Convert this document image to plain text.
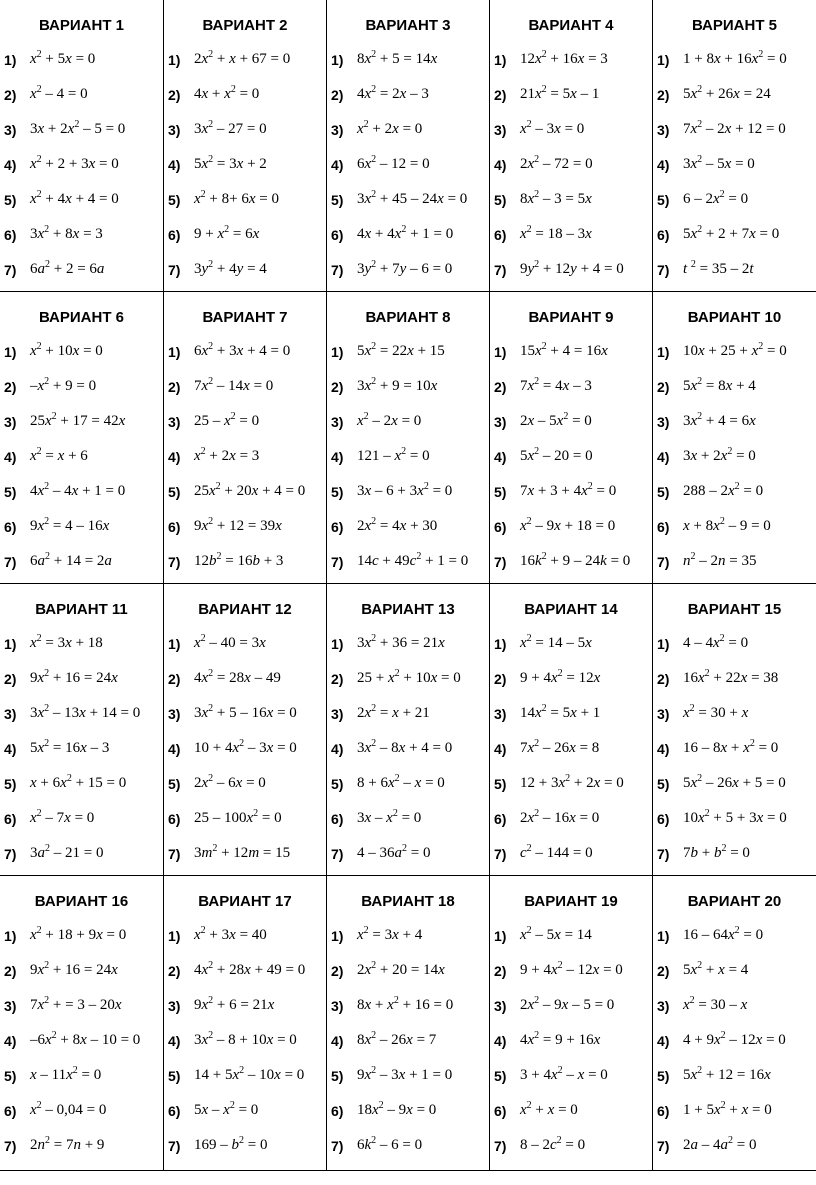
ВАРИАНТ 1
1) $x^2 + 5x = 0$
2) $x^2 - 4 = 0$
3) $3x + 2x^2 - 5 = 0$
4) $x^2 + 2 + 3x = 0$
5) $x^2 + 4x + 4 = 0$
6) $3x^2 + 8x = 3$
7) $6a^2 + 2 = 6a$
ВАРИАНТ 2
1) $2x^2 + x + 67 = 0$
2) $4x + x^2 = 0$
3) $3x^2 - 27 = 0$
4) $5x^2 = 3x + 2$
5) $x^2 + 8+ 6x = 0$
6) $9 + x^2 = 6x$
7) $3y^2 + 4y = 4$
ВАРИАНТ 3
1) $8x^2 + 5 = 14x$
2) $4x^2 = 2x - 3$
3) $x^2 + 2x = 0$
4) $6x^2 - 12 = 0$
5) $3x^2 + 45 - 24x = 0$
6) $4x + 4x^2 + 1 = 0$
7) $3y^2 + 7y - 6 = 0$
ВАРИАНТ 4
1) $12x^2 + 16x = 3$
2) $21x^2 = 5x - 1$
3) $x^2 - 3x = 0$
4) $2x^2 - 72 = 0$
5) $8x^2 - 3 = 5x$
6) $x^2 = 18 - 3x$
7) $9y^2 + 12y + 4 = 0$
ВАРИАНТ 5
1) $1 + 8x + 16x^2 = 0$
2) $5x^2 + 26x = 24$
3) $7x^2 - 2x + 12 = 0$
4) $3x^2 - 5x = 0$
5) $6 - 2x^2 = 0$
6) $5x^2 + 2 + 7x = 0$
7) t $^2$ = 35 – 2t
ВАРИАНТ 6
1) $x^2 + 10x = 0$
2) $-x^2 + 9 = 0$
3) $25x^2 + 17 = 42x$
4) $x^2 = x + 6$
5) $4x^2 - 4x + 1 = 0$
6) $9x^2 = 4 - 16x$
7) $6a^2 + 14 = 2a$
ВАРИАНТ 7
1) $6x^2 + 3x + 4 = 0$
2) $7x^2 - 14x = 0$
3) $25 - x^2 = 0$
4) $x^2 + 2x = 3$
5) $25x^2 + 20x + 4 = 0$
6) $9x^2 + 12 = 39x$
7) $12b^2 = 16b + 3$
ВАРИАНТ 8
1) $5x^2 = 22x + 15$
2) $3x^2 + 9 = 10x$
3) $x^2 - 2x = 0$
4) $121 - x^2 = 0$
5) $3x - 6 + 3x^2 = 0$
6) $2x^2 = 4x + 30$
7) $14c + 49c^2 + 1 = 0$
ВАРИАНТ 9
1) $15x^2 + 4 = 16x$
2) $7x^2 = 4x - 3$
3) $2x - 5x^2 = 0$
4) $5x^2 - 20 = 0$
5) $7x + 3 + 4x^2 = 0$
6) $x^2 - 9x + 18 = 0$
7) $16k^2 + 9 - 24k = 0$
ВАРИАНТ 10
1) $10x + 25 + x^2 = 0$
2) $5x^2 = 8x + 4$
3) $3x^2 + 4 = 6x$
4) $3x + 2x^2 = 0$
5) $288 - 2x^2 = 0$
6) $x + 8x^2 - 9 = 0$
7) $n^2 - 2n = 35$
ВАРИАНТ 11
1) $x^2 = 3x + 18$
2) $9x^2 + 16 = 24x$
3) $3x^2 - 13x + 14 = 0$
4) $5x^2 = 16x - 3$
5) $x + 6x^2 + 15 = 0$
6) $x^2 - 7x = 0$
7) $3a^2 - 21 = 0$
ВАРИАНТ 12
1) $x^2 - 40 = 3x$
2) $4x^2 = 28x - 49$
3) $3x^2 + 5 - 16x = 0$
4) $10 + 4x^2 - 3x = 0$
5) $2x^2 - 6x = 0$
6) $25 - 100x^2 = 0$
7) $3m^2 + 12m = 15$
ВАРИАНТ 13
1) $3x^2 + 36 = 21x$
2) $25 + x^2 + 10x = 0$
3) $2x^2 = x + 21$
4) $3x^2 - 8x + 4 = 0$
5) $8 + 6x^2 - x = 0$
6) $3x - x^2 = 0$
7) $4 - 36a^2 = 0$
ВАРИАНТ 14
1) $x^2 = 14 - 5x$
2) $9 + 4x^2 = 12x$
3) $14x^2 = 5x + 1$
4) $7x^2 - 26x = 8$
5) $12 + 3x^2 + 2x = 0$
6) $2x^2 - 16x = 0$
7) $c^2 - 144 = 0$
ВАРИАНТ 15
1) $4 - 4x^2 = 0$
2) $16x^2 + 22x = 38$
3) $x^2 = 30 + x$
4) $16 - 8x + x^2 = 0$
5) $5x^2 - 26x + 5 = 0$
6) $10x^2 + 5 + 3x = 0$
7) $7b + b^2 = 0$
ВАРИАНТ 16
1) $x^2 + 18 + 9x = 0$
2) $9x^2 + 16 = 24x$
3) $7x^2$ + = 3 – 20x
4) $-6x^2 + 8x - 10 = 0$
5) $x - 11x^2 = 0$
6) $x^2 - 0,04 = 0$
7) $2n^2 = 7n + 9$
ВАРИАНТ 17
1) $x^2 + 3x = 40$
2) $4x^2 + 28x + 49 = 0$
3) $9x^2 + 6 = 21x$
4) $3x^2 - 8 + 10x = 0$
5) $14 + 5x^2 - 10x = 0$
6) $5x - x^2 = 0$
7) $169 - b^2 = 0$
ВАРИАНТ 18
1) $x^2 = 3x + 4$
2) $2x^2 + 20 = 14x$
3) $8x + x^2 + 16 = 0$
4) $8x^2 - 26x = 7$
5) $9x^2 - 3x + 1 = 0$
6) $18x^2 - 9x = 0$
7) $6k^2 - 6 = 0$
ВАРИАНТ 19
1) $x^2 - 5x = 14$
2) $9 + 4x^2 - 12x = 0$
3) $2x^2 - 9x - 5 = 0$
4) $4x^2 = 9 + 16x$
5) $3 + 4x^2 - x = 0$
6) $x^2 + x = 0$
7) $8 - 2c^2 = 0$
ВАРИАНТ 20
1) $16 - 64x^2 = 0$
2) $5x^2 + x = 4$
3) $x^2 = 30 - x$
4) $4 + 9x^2 - 12x = 0$
5) $5x^2 + 12 = 16x$
6) $1 + 5x^2 + x = 0$
7) $2a - 4a^2 = 0$
